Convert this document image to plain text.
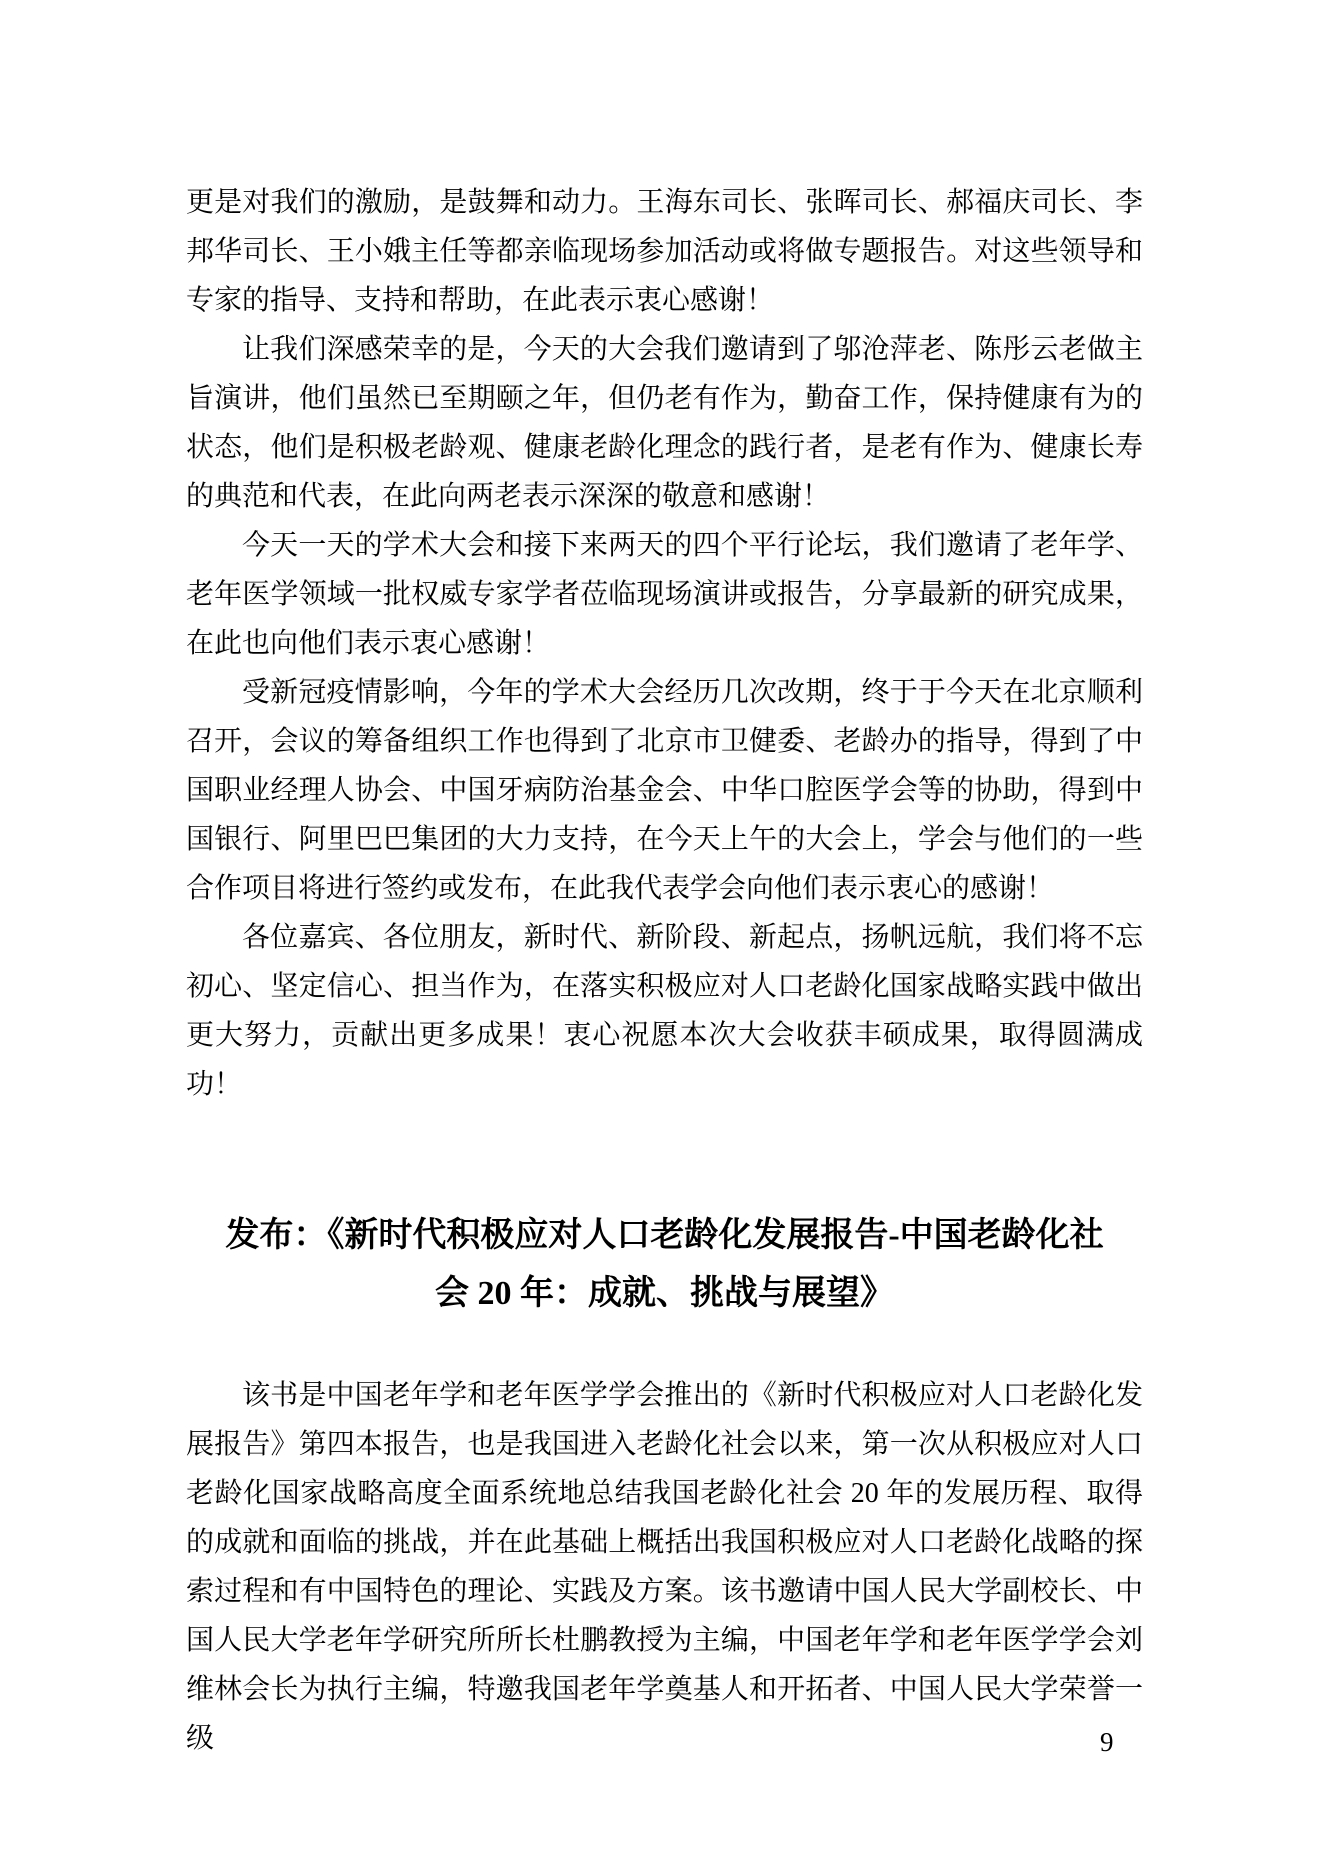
更是对我们的激励，是鼓舞和动力。王海东司长、张晖司长、郝福庆司长、李邦华司长、王小娥主任等都亲临现场参加活动或将做专题报告。对这些领导和专家的指导、支持和帮助，在此表示衷心感谢！

让我们深感荣幸的是，今天的大会我们邀请到了邬沧萍老、陈彤云老做主旨演讲，他们虽然已至期颐之年，但仍老有作为，勤奋工作，保持健康有为的状态，他们是积极老龄观、健康老龄化理念的践行者，是老有作为、健康长寿的典范和代表，在此向两老表示深深的敬意和感谢！

今天一天的学术大会和接下来两天的四个平行论坛，我们邀请了老年学、老年医学领域一批权威专家学者莅临现场演讲或报告，分享最新的研究成果，在此也向他们表示衷心感谢！

受新冠疫情影响，今年的学术大会经历几次改期，终于于今天在北京顺利召开，会议的筹备组织工作也得到了北京市卫健委、老龄办的指导，得到了中国职业经理人协会、中国牙病防治基金会、中华口腔医学会等的协助，得到中国银行、阿里巴巴集团的大力支持，在今天上午的大会上，学会与他们的一些合作项目将进行签约或发布，在此我代表学会向他们表示衷心的感谢！

各位嘉宾、各位朋友，新时代、新阶段、新起点，扬帆远航，我们将不忘初心、坚定信心、担当作为，在落实积极应对人口老龄化国家战略实践中做出更大努力，贡献出更多成果！衷心祝愿本次大会收获丰硕成果，取得圆满成功！

发布：《新时代积极应对人口老龄化发展报告-中国老龄化社
会 20 年：成就、挑战与展望》

该书是中国老年学和老年医学学会推出的《新时代积极应对人口老龄化发展报告》第四本报告，也是我国进入老龄化社会以来，第一次从积极应对人口老龄化国家战略高度全面系统地总结我国老龄化社会 20 年的发展历程、取得的成就和面临的挑战，并在此基础上概括出我国积极应对人口老龄化战略的探索过程和有中国特色的理论、实践及方案。该书邀请中国人民大学副校长、中国人民大学老年学研究所所长杜鹏教授为主编，中国老年学和老年医学学会刘维林会长为执行主编，特邀我国老年学奠基人和开拓者、中国人民大学荣誉一级	9
